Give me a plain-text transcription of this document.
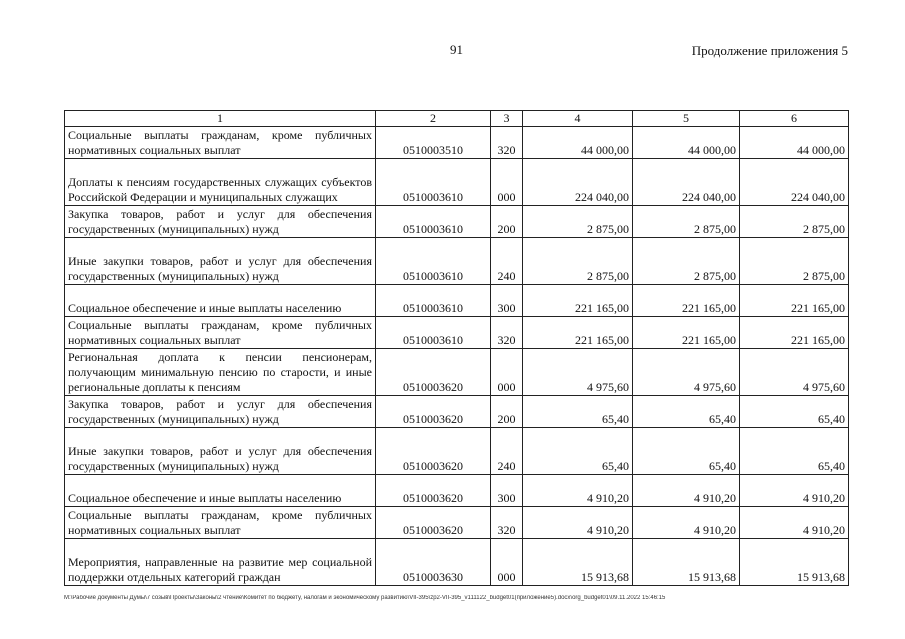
91	Продолжение приложения 5
1	2	3	4	5	6
Социальные выплаты гражданам, кроме публичных нормативных социальных выплат	0510003510	320	44 000,00	44 000,00	44 000,00
Доплаты к пенсиям государственных служащих субъектов Российской Федерации и муниципальных служащих	0510003610	000	224 040,00	224 040,00	224 040,00
Закупка товаров, работ и услуг для обеспечения государственных (муниципальных) нужд	0510003610	200	2 875,00	2 875,00	2 875,00
Иные закупки товаров, работ и услуг для обеспечения государственных (муниципальных) нужд	0510003610	240	2 875,00	2 875,00	2 875,00
Социальное обеспечение и иные выплаты населению	0510003610	300	221 165,00	221 165,00	221 165,00
Социальные выплаты гражданам, кроме публичных нормативных социальных выплат	0510003610	320	221 165,00	221 165,00	221 165,00
Региональная доплата к пенсии пенсионерам, получающим минимальную пенсию по старости, и иные региональные доплаты к пенсиям	0510003620	000	4 975,60	4 975,60	4 975,60
Закупка товаров, работ и услуг для обеспечения государственных (муниципальных) нужд	0510003620	200	65,40	65,40	65,40
Иные закупки товаров, работ и услуг для обеспечения государственных (муниципальных) нужд	0510003620	240	65,40	65,40	65,40
Социальное обеспечение и иные выплаты населению	0510003620	300	4 910,20	4 910,20	4 910,20
Социальные выплаты гражданам, кроме публичных нормативных социальных выплат	0510003620	320	4 910,20	4 910,20	4 910,20
Мероприятия, направленные на развитие мер социальной поддержки отдельных категорий граждан	0510003630	000	15 913,68	15 913,68	15 913,68
M:\Рабочие документы Думы\7 созыв\Проекты\Законы\2 чтение\Комитет по бюджету, налогам и экономическому развитию\VII-395\zp2-VII-395_v111122_budget01(приложение5).docx\org_budget01\09.11.2022 15:46:15
